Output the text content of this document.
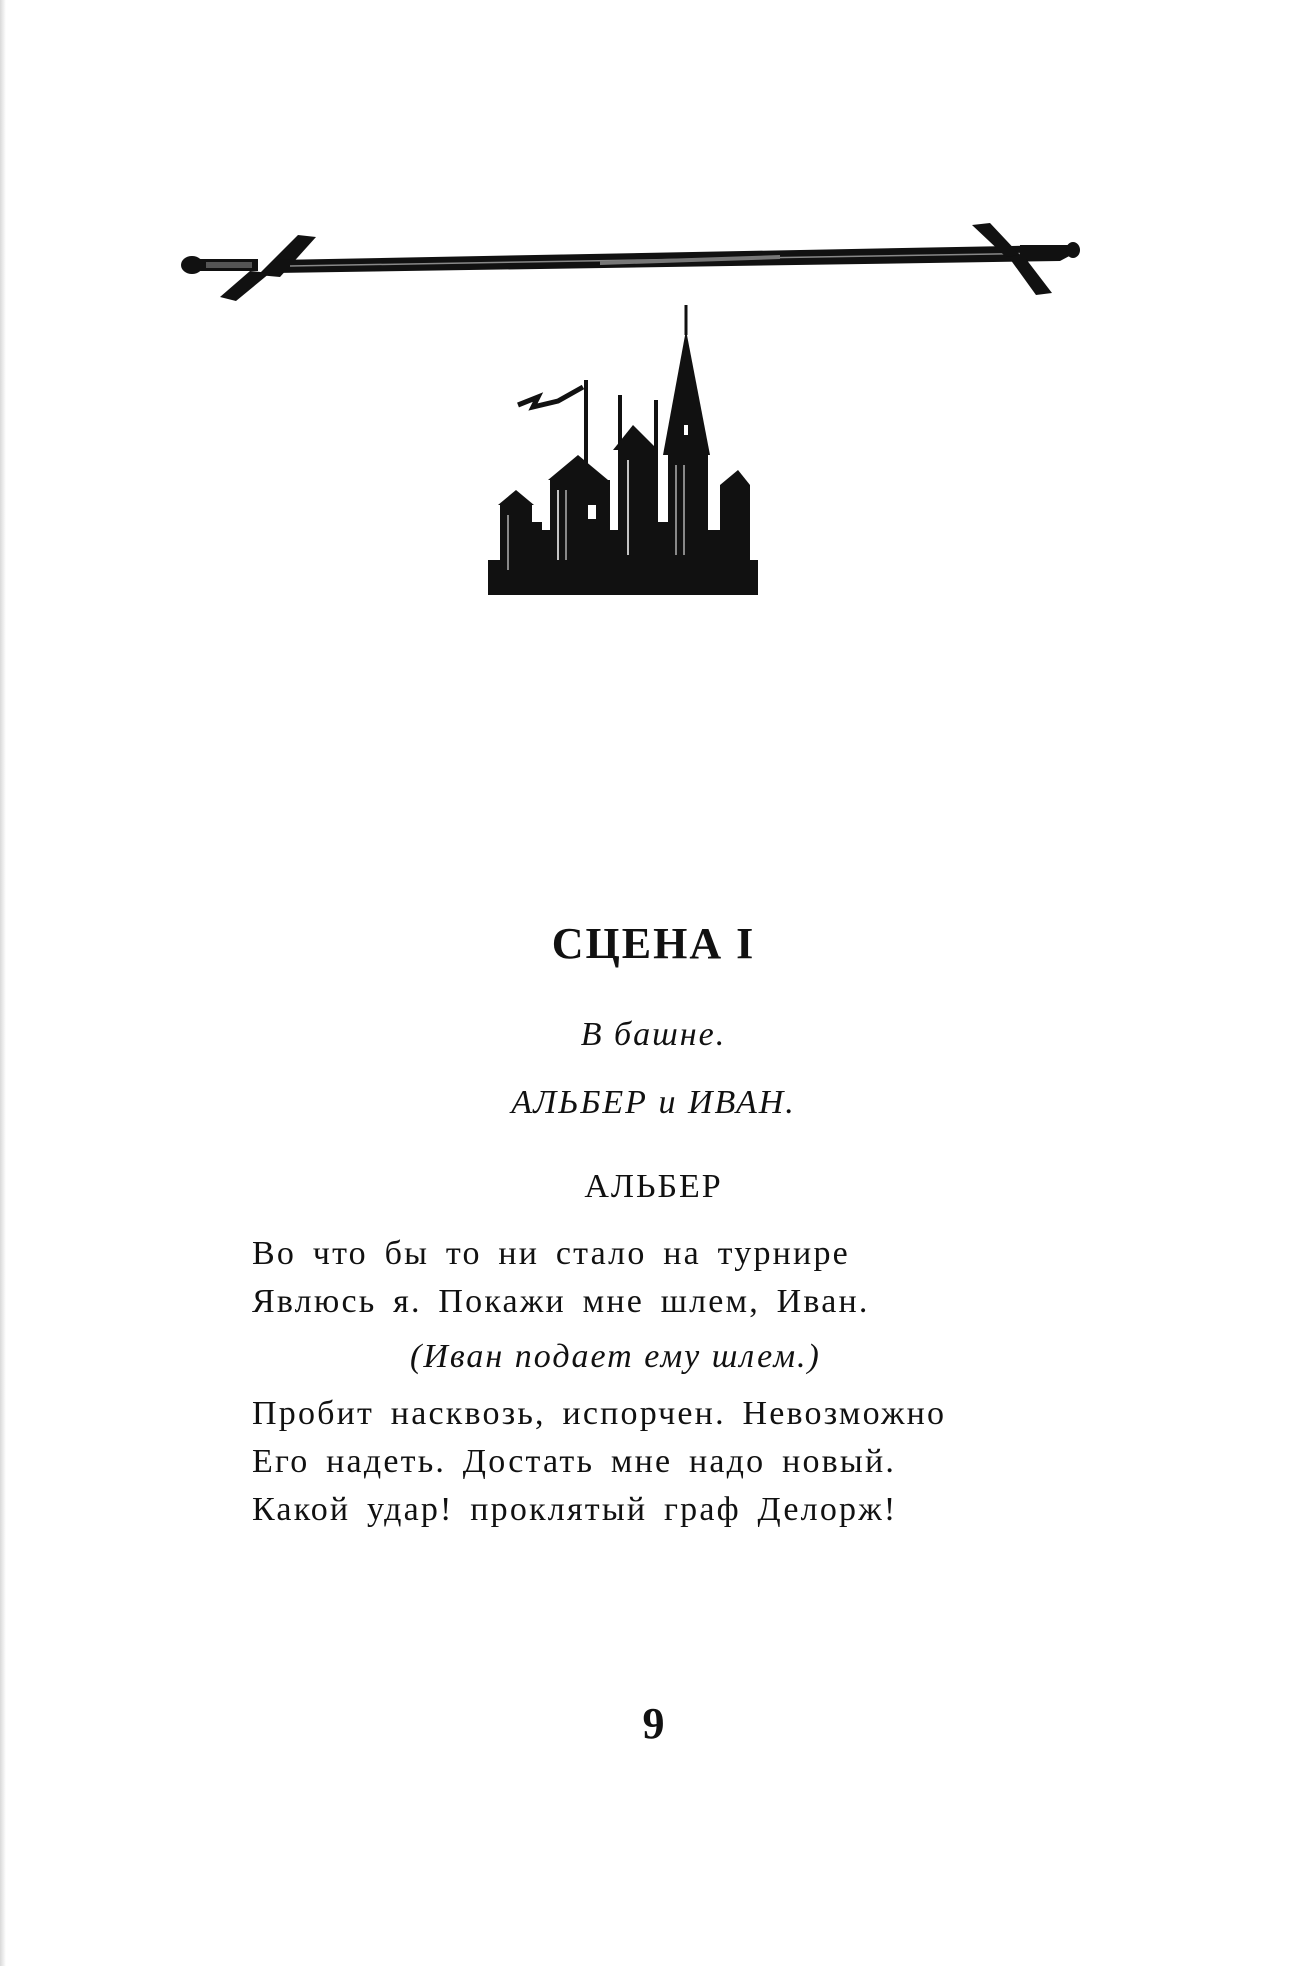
СЦЕНА I
В башне.
АЛЬБЕР и ИВАН.
АЛЬБЕР
Во что бы то ни стало на турнире
Явлюсь я. Покажи мне шлем, Иван.
(Иван подает ему шлем.)
Пробит насквозь, испорчен. Невозможно
Его надеть. Достать мне надо новый.
Какой удар! проклятый граф Делорж!
9
